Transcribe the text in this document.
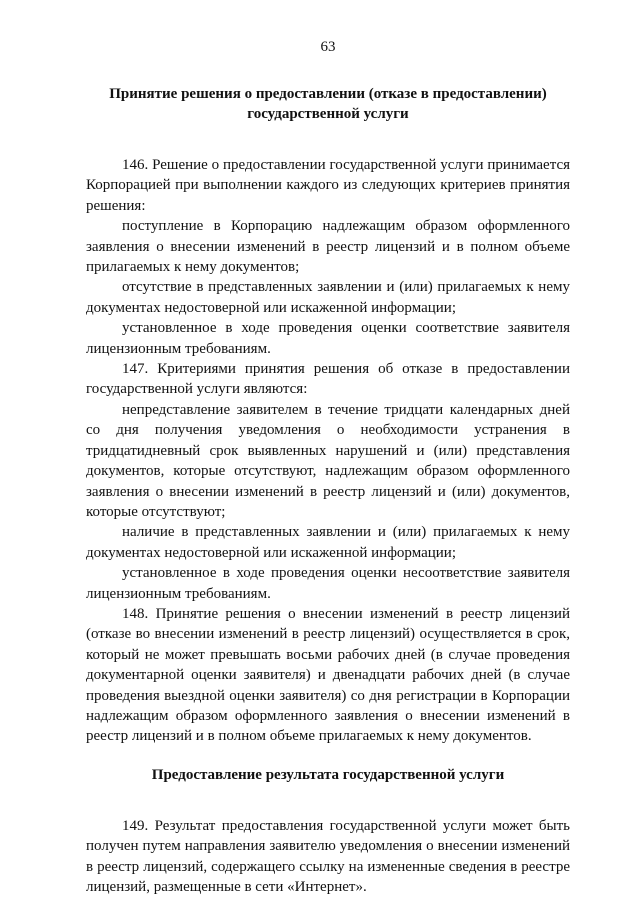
63
Принятие решения о предоставлении (отказе в предоставлении)
государственной услуги

146. Решение о предоставлении государственной услуги принимается Корпорацией при выполнении каждого из следующих критериев принятия решения:

поступление в Корпорацию надлежащим образом оформленного заявления о внесении изменений в реестр лицензий и в полном объеме прилагаемых к нему документов;

отсутствие в представленных заявлении и (или) прилагаемых к нему документах недостоверной или искаженной информации;

установленное в ходе проведения оценки соответствие заявителя лицензионным требованиям.

147. Критериями принятия решения об отказе в предоставлении государственной услуги являются:

непредставление заявителем в течение тридцати календарных дней со дня получения уведомления о необходимости устранения в тридцатидневный срок выявленных нарушений и (или) представления документов, которые отсутствуют, надлежащим образом оформленного заявления о внесении изменений в реестр лицензий и (или) документов, которые отсутствуют;

наличие в представленных заявлении и (или) прилагаемых к нему документах недостоверной или искаженной информации;

установленное в ходе проведения оценки несоответствие заявителя лицензионным требованиям.

148. Принятие решения о внесении изменений в реестр лицензий (отказе во внесении изменений в реестр лицензий) осуществляется в срок, который не может превышать восьми рабочих дней (в случае проведения документарной оценки заявителя) и двенадцати рабочих дней (в случае проведения выездной оценки заявителя) со дня регистрации в Корпорации надлежащим образом оформленного заявления о внесении изменений в реестр лицензий и в полном объеме прилагаемых к нему документов.

Предоставление результата государственной услуги

149. Результат предоставления государственной услуги может быть получен путем направления заявителю уведомления о внесении изменений в реестр лицензий, содержащего ссылку на измененные сведения в реестре лицензий, размещенные в сети «Интернет».
